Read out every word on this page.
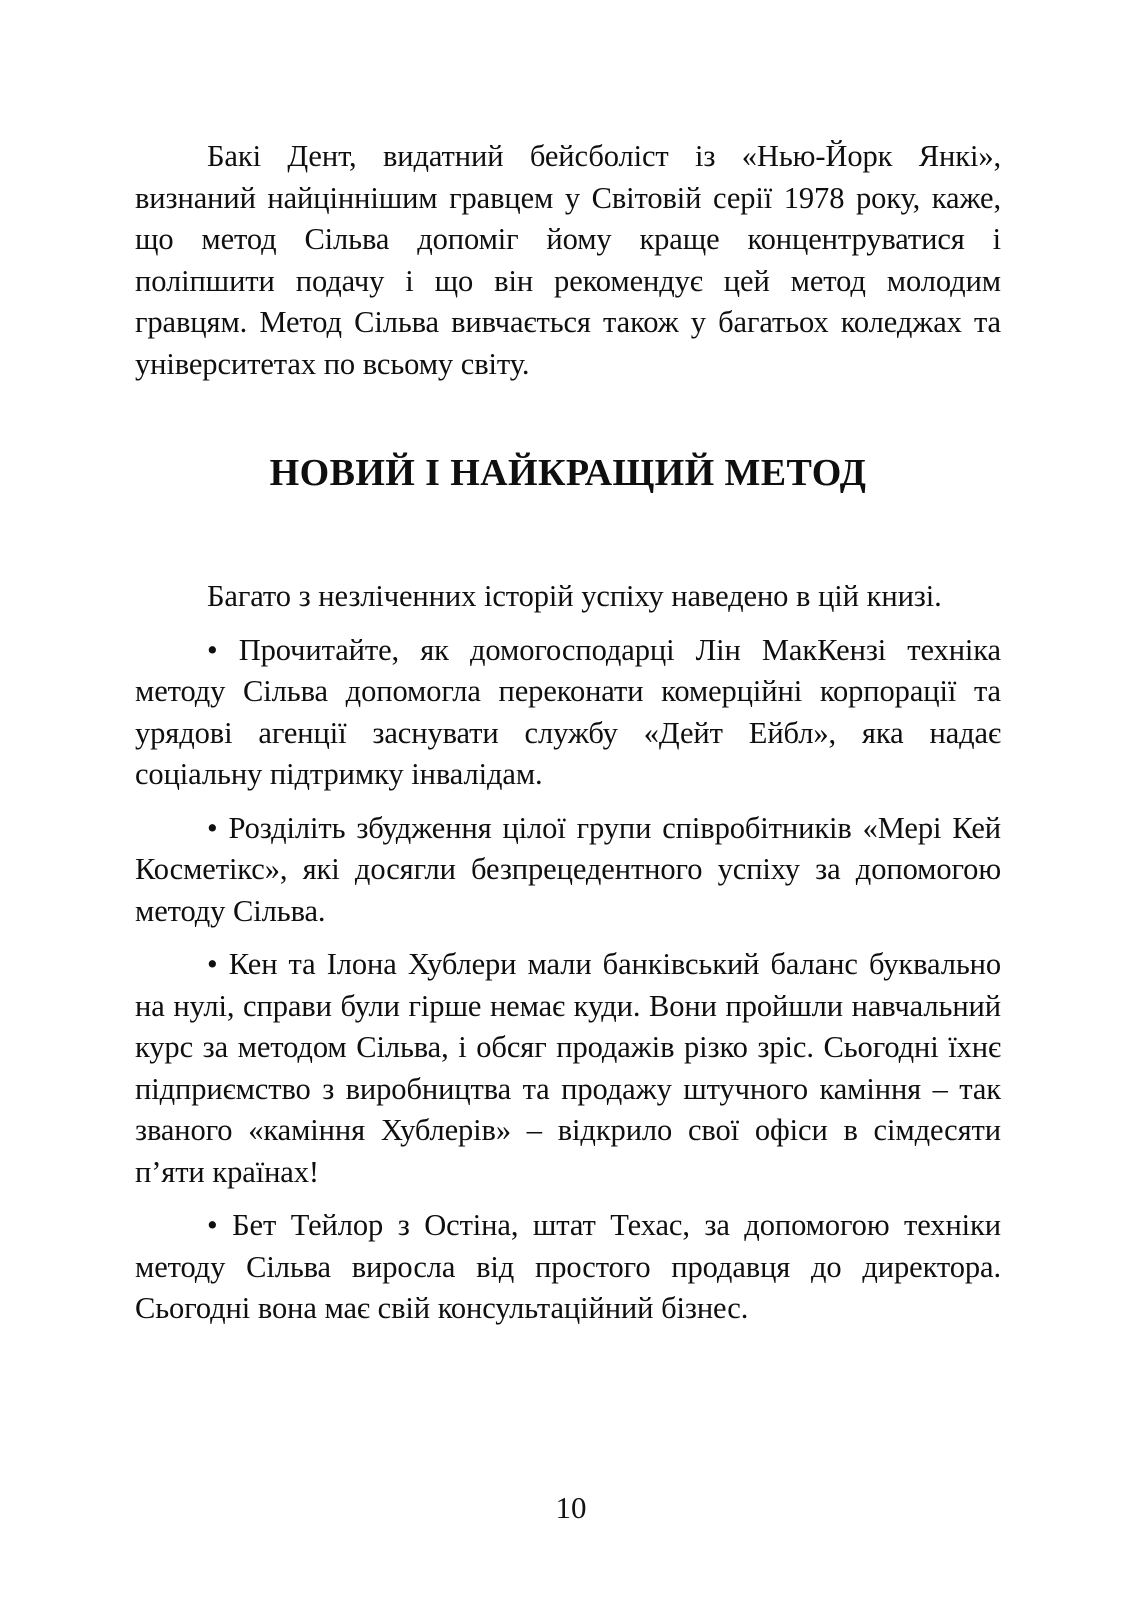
Бакі Дент, видатний бейсболіст із «Нью-Йорк Янкі», визнаний найціннішим гравцем у Світовій серії 1978 року, каже, що метод Сільва допоміг йому краще концентруватися і поліпшити подачу і що він рекомендує цей метод молодим гравцям. Метод Сільва вивчається також у багатьох коледжах та університетах по всьому світу.

НОВИЙ І НАЙКРАЩИЙ МЕТОД

Багато з незліченних історій успіху наведено в цій книзі.

• Прочитайте, як домогосподарці Лін МакКензі техніка методу Сільва допомогла переконати комерційні корпорації та урядові агенції заснувати службу «Дейт Ейбл», яка надає соціальну підтримку інвалідам.

• Розділіть збудження цілої групи співробітників «Мері Кей Косметікс», які досягли безпрецедентного успіху за допомогою методу Сільва.

• Кен та Ілона Хублери мали банківський баланс буквально на нулі, справи були гірше немає куди. Вони пройшли навчальний курс за методом Сільва, і обсяг продажів різко зріс. Сьогодні їхнє підприємство з виробництва та продажу штучного каміння – так званого «каміння Хублерів» – відкрило свої офіси в сімдесяти п’яти країнах!

• Бет Тейлор з Остіна, штат Техас, за допомогою техніки методу Сільва виросла від простого продавця до директора. Сьогодні вона має свій консультаційний бізнес.

10
